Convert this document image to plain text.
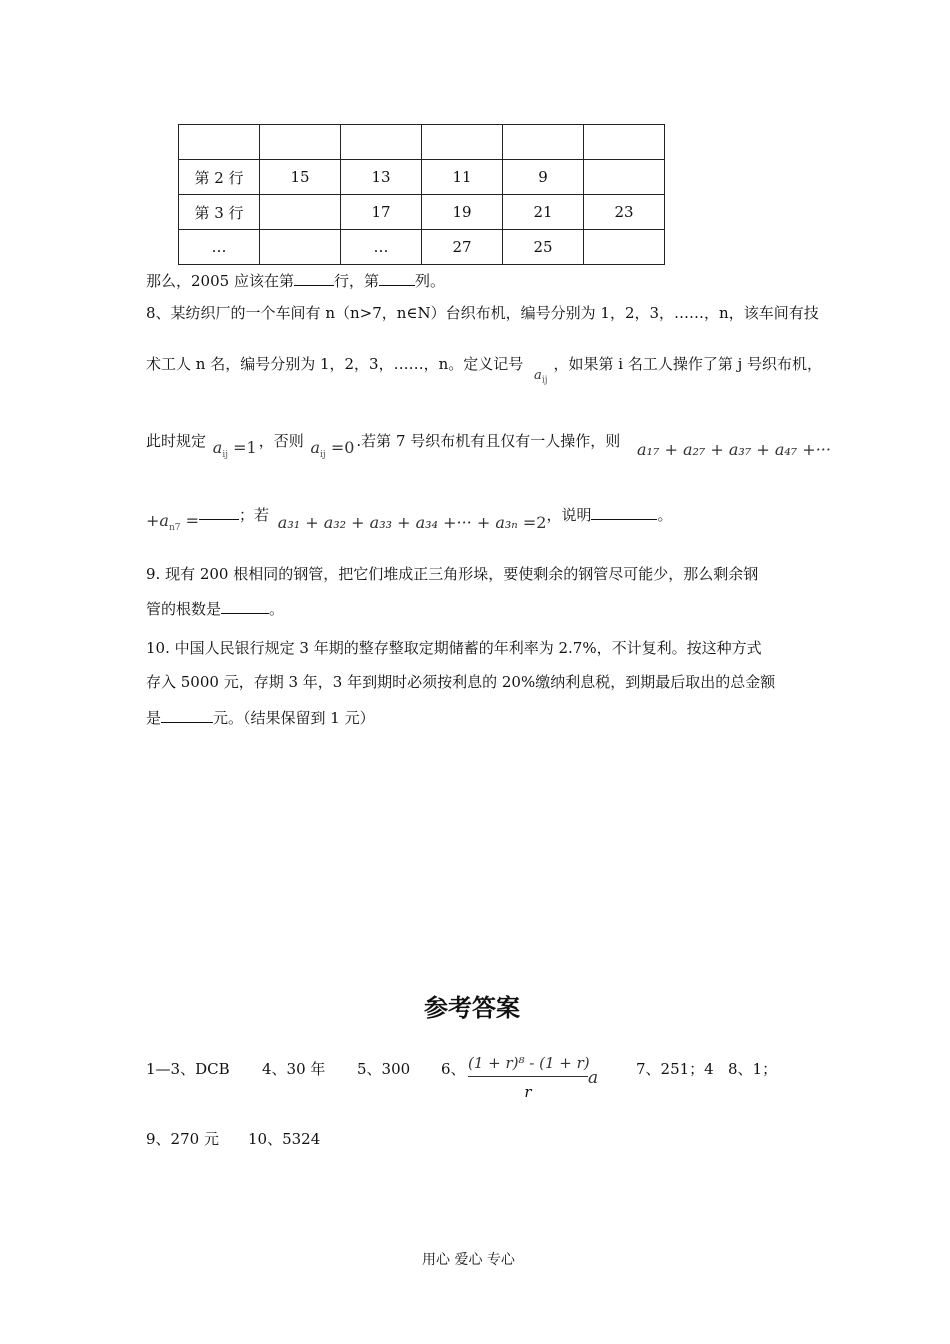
第 2 行	15	13	11	9	
第 3 行		17	19	21	23
…		…	27	25	
那么，2005 应该在第	行，第 列。
8、某纺织厂的一个车间有 n（n>7，n∈N）台织布机，编号分别为 1，2，3，……，n，该车间有技
术工人 n 名，编号分别为 1，2，3，……，n。定义记号 $a_{ij}$，如果第 i 名工人操作了第 j 号织布机，
此时规定 $a_{ij} =1$ ，否则 $a_{ij} =0$ .若第 7 号织布机有且仅有一人操作，则 a₁₇ + a₂₇ + a₃₇ + a₄₇ +···
$+a_{n7}$ =	；若 a₃₁ + a₃₂ + a₃₃ + a₃₄ +··· + a₃ₙ =2，说明	。
9. 现有 200 根相同的钢管，把它们堆成正三角形垛，要使剩余的钢管尽可能少，那么剩余钢
管的根数是	。
10. 中国人民银行规定 3 年期的整存整取定期储蓄的年利率为 2.7%，不计复利。按这种方式
存入 5000 元，存期 3 年，3 年到期时必须按利息的 20%缴纳利息税，到期最后取出的总金额
是	元。（结果保留到 1 元）
参考答案
1—3、DCB 4、30 年 5、300 6、 $\frac{\text{(1 + r)⁸ - (1 + r)}}{r}$ a	7、251；4 8、1；
9、270 元 10、5324
用心 爱心 专心
